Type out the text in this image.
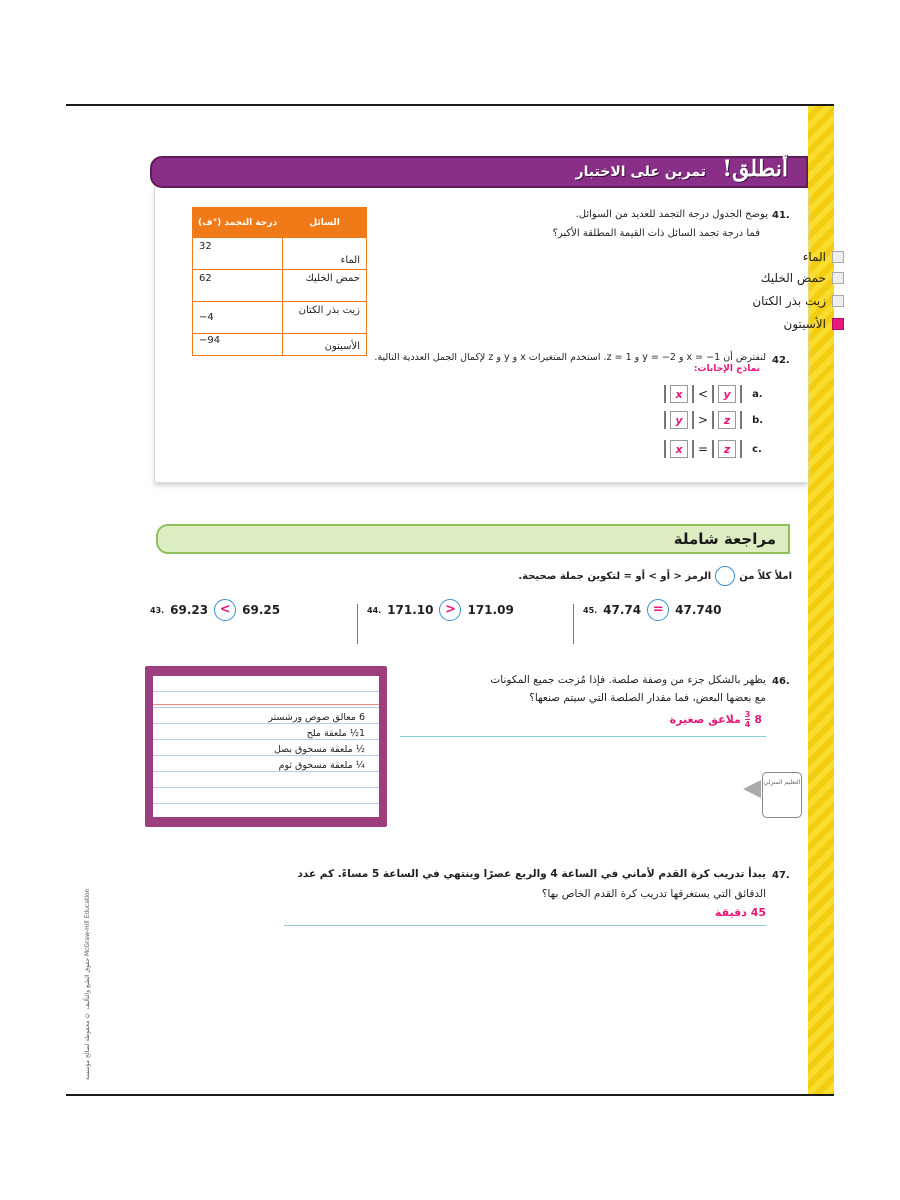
حقوق الطبع والتأليف © محفوظة لصالح مؤسسة McGraw-Hill Education
أنطلق!
تمرين على الاختبار
درجة التجمد (°ف)	السائل
32	الماء
62	حمض الخليك
−4	زيت بذر الكتان
−94	الأسيتون
41.
يوضح الجدول درجة التجمد للعديد من السوائل.
فما درجة تجمد السائل ذات القيمة المطلقة الأكبر؟
الماء
حمض الخليك
زيت بذر الكتان
الأسيتون
42.
لنفترض أن x = −1 و y = −2 و z = 1. استخدم المتغيرات x و y و z لإكمال الجمل العددية التالية.
نماذج الإجابات:
x	<	y	a.
y	>	z	b.
x	=	z	c.
مراجعة شاملة
املأ كلاً من
الرمز < أو > أو = لتكوين جملة صحيحة.
43. 69.23 < 69.25	44. 171.10 > 171.09	45. 47.74 = 47.740
6 معالق صوص ورشستر
1½ ملعقة ملح
½ ملعقة مسحوق بصل
¼ ملعقة مسحوق ثوم
46.
يظهر بالشكل جزء من وصفة صلصة. فإذا مُزجت جميع المكونات
مع بعضها البعض، فما مقدار الصلصة التي سيتم صنعها؟
8
3
4
ملاعق صغيرة
التعليم المنزلي
47.
يبدأ تدريب كرة القدم لأماني في الساعة 4 والربع عصرًا وينتهي في الساعة 5 مساءً. كم عدد
الدقائق التي يستغرقها تدريب كرة القدم الخاص بها؟
45 دقيقة
